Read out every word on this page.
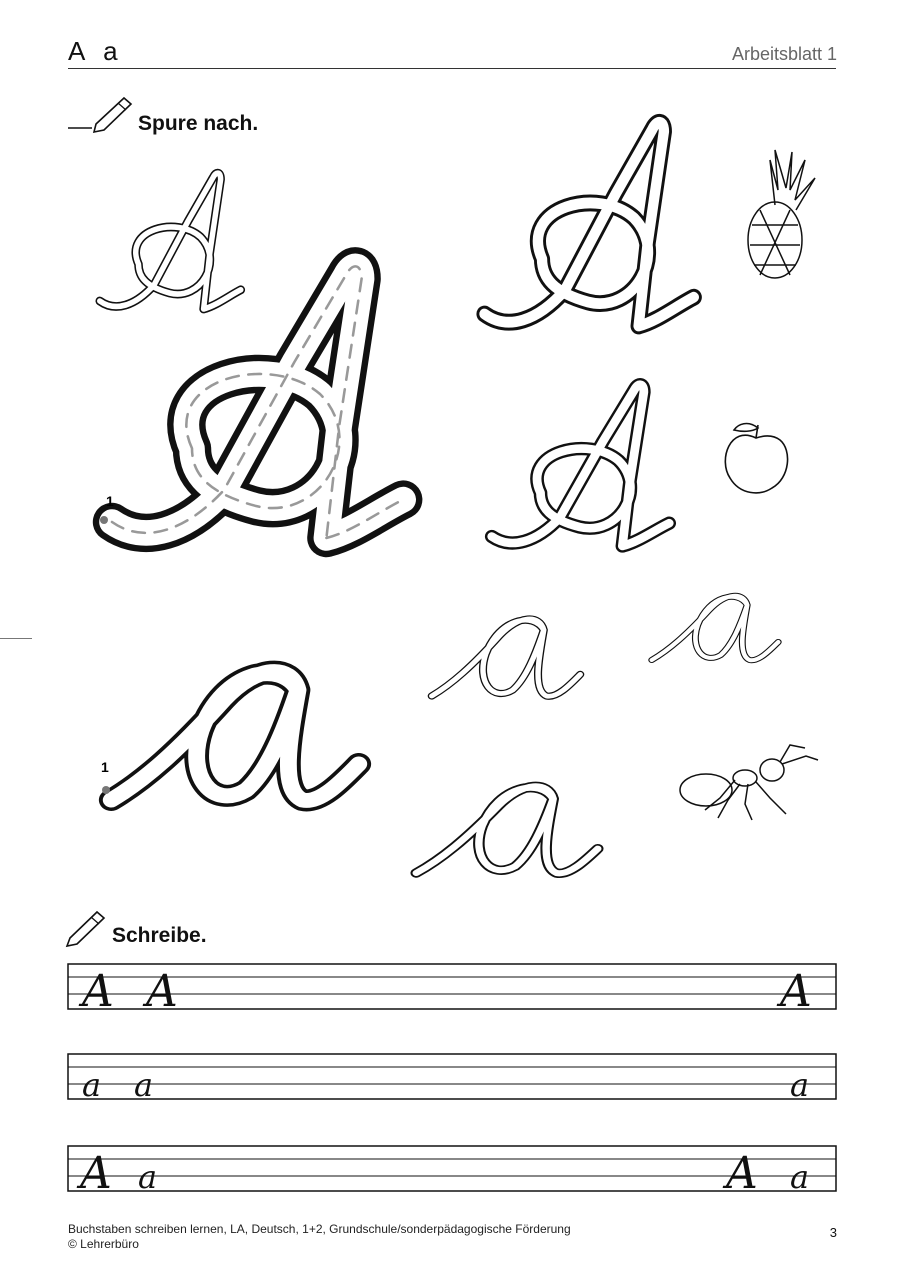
A a	Arbeitsblatt 1
Spure nach.
Schreibe.
1
1
A A	A
a a	a
A a	A a
Buchstaben schreiben lernen, LA, Deutsch, 1+2, Grundschule/sonderpädagogische Förderung
© Lehrerbüro
3
